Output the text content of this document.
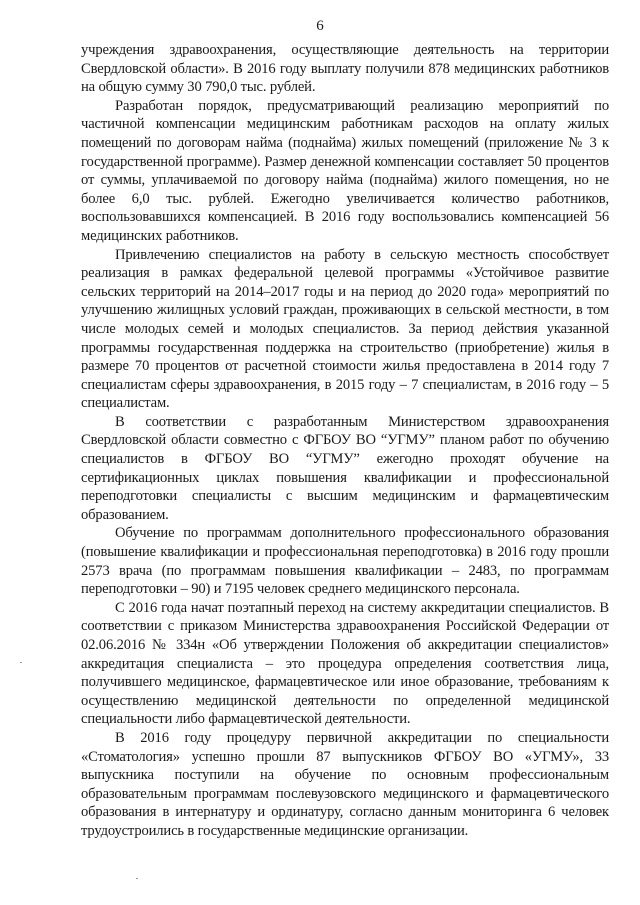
6

учреждения здравоохранения, осуществляющие деятельность на территории Свердловской области». В 2016 году выплату получили 878 медицинских работников на общую сумму 30 790,0 тыс. рублей.

Разработан порядок, предусматривающий реализацию мероприятий по частичной компенсации медицинским работникам расходов на оплату жилых помещений по договорам найма (поднайма) жилых помещений (приложение № 3 к государственной программе). Размер денежной компенсации составляет 50 процентов от суммы, уплачиваемой по договору найма (поднайма) жилого помещения, но не более 6,0 тыс. рублей. Ежегодно увеличивается количество работников, воспользовавшихся компенсацией. В 2016 году воспользовались компенсацией 56 медицинских работников.

Привлечению специалистов на работу в сельскую местность способствует реализация в рамках федеральной целевой программы «Устойчивое развитие сельских территорий на 2014–2017 годы и на период до 2020 года» мероприятий по улучшению жилищных условий граждан, проживающих в сельской местности, в том числе молодых семей и молодых специалистов. За период действия указанной программы государственная поддержка на строительство (приобретение) жилья в размере 70 процентов от расчетной стоимости жилья предоставлена в 2014 году 7 специалистам сферы здравоохранения, в 2015 году – 7 специалистам, в 2016 году – 5 специалистам.

В соответствии с разработанным Министерством здравоохранения Свердловской области совместно с ФГБОУ ВО “УГМУ” планом работ по обучению специалистов в ФГБОУ ВО “УГМУ” ежегодно проходят обучение на сертификационных циклах повышения квалификации и профессиональной переподготовки специалисты с высшим медицинским и фармацевтическим образованием.

Обучение по программам дополнительного профессионального образования (повышение квалификации и профессиональная переподготовка) в 2016 году прошли 2573 врача (по программам повышения квалификации – 2483, по программам переподготовки – 90) и 7195 человек среднего медицинского персонала.

С 2016 года начат поэтапный переход на систему аккредитации специалистов. В соответствии с приказом Министерства здравоохранения Российской Федерации от 02.06.2016 № 334н «Об утверждении Положения об аккредитации специалистов» аккредитация специалиста – это процедура определения соответствия лица, получившего медицинское, фармацевтическое или иное образование, требованиям к осуществлению медицинской деятельности по определенной медицинской специальности либо фармацевтической деятельности.

В 2016 году процедуру первичной аккредитации по специальности «Стоматология» успешно прошли 87 выпускников ФГБОУ ВО «УГМУ», 33 выпускника поступили на обучение по основным профессиональным образовательным программам послевузовского медицинского и фармацевтического образования в интернатуру и ординатуру, согласно данным мониторинга 6 человек трудоустроились в государственные медицинские организации.
